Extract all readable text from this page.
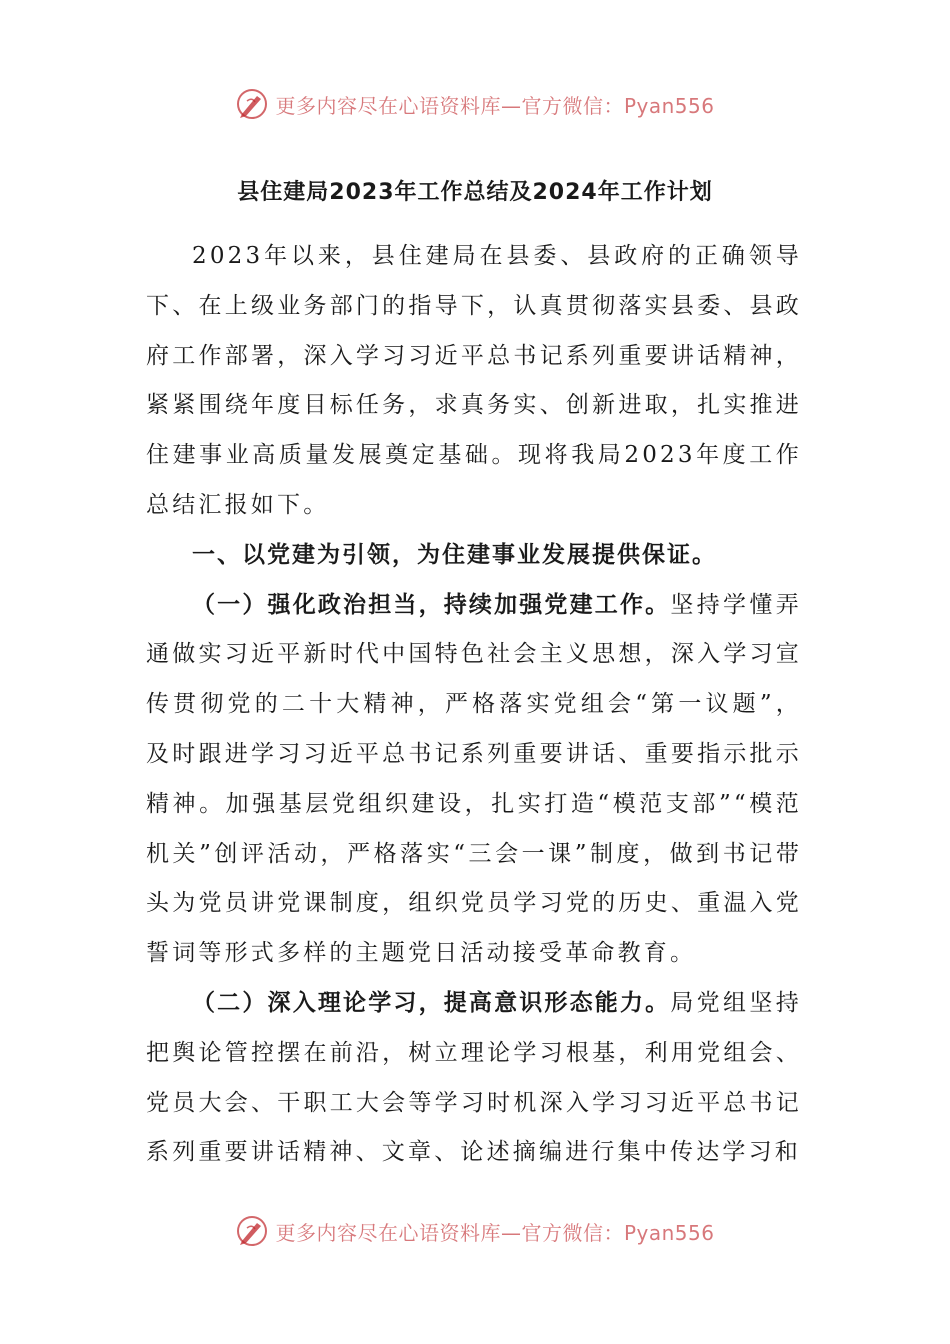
更多内容尽在心语资料库—官方微信：Pyan556
县住建局2023年工作总结及2024年工作计划

2023年以来，县住建局在县委、县政府的正确领导下、在上级业务部门的指导下，认真贯彻落实县委、县政府工作部署，深入学习习近平总书记系列重要讲话精神，紧紧围绕年度目标任务，求真务实、创新进取，扎实推进住建事业高质量发展奠定基础。现将我局2023年度工作总结汇报如下。

一、以党建为引领，为住建事业发展提供保证。

（一）强化政治担当，持续加强党建工作。坚持学懂弄通做实习近平新时代中国特色社会主义思想，深入学习宣传贯彻党的二十大精神，严格落实党组会“第一议题”，及时跟进学习习近平总书记系列重要讲话、重要指示批示精神。加强基层党组织建设，扎实打造“模范支部”“模范机关”创评活动，严格落实“三会一课”制度，做到书记带头为党员讲党课制度，组织党员学习党的历史、重温入党誓词等形式多样的主题党日活动接受革命教育。

（二）深入理论学习，提高意识形态能力。局党组坚持把舆论管控摆在前沿，树立理论学习根基，利用党组会、党员大会、干职工大会等学习时机深入学习习近平总书记系列重要讲话精神、文章、论述摘编进行集中传达学习和

更多内容尽在心语资料库—官方微信：Pyan556
